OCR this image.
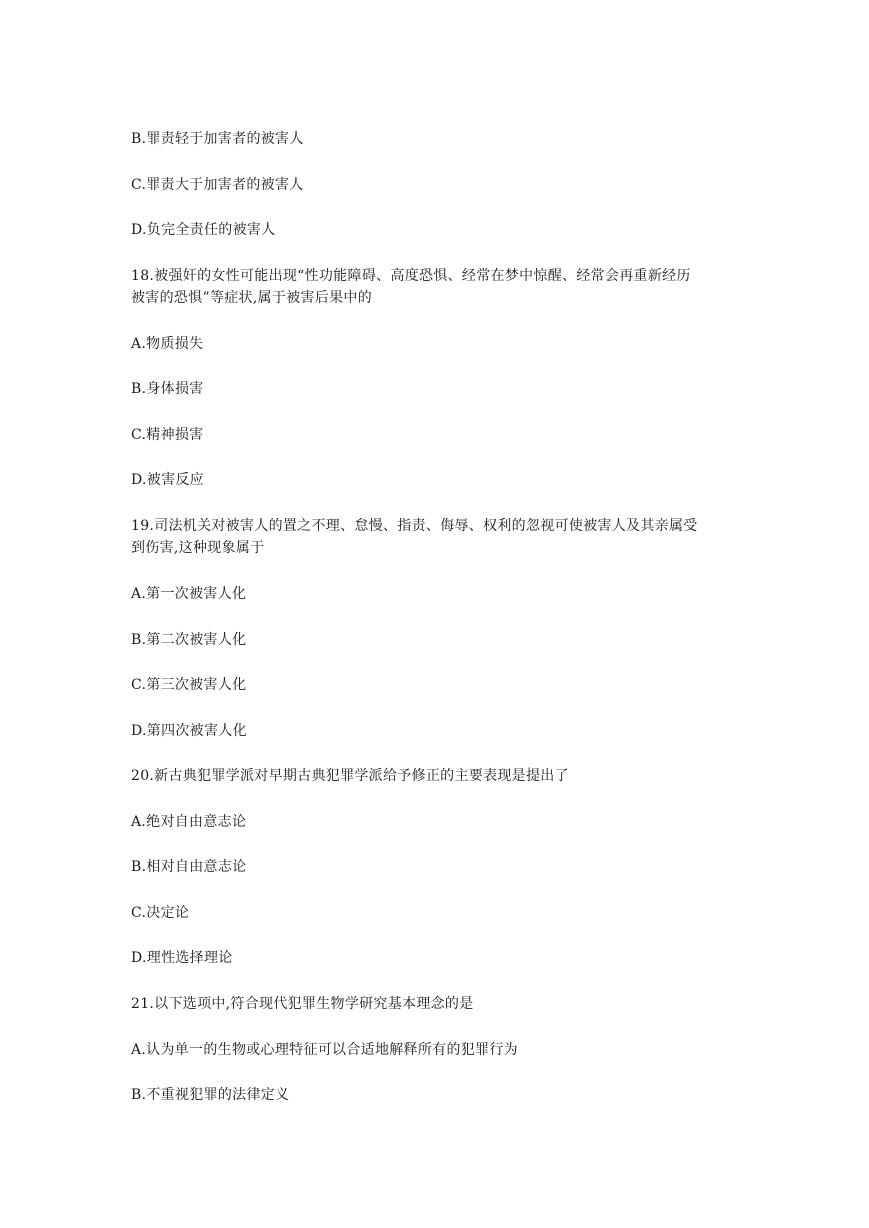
B.罪责轻于加害者的被害人
C.罪责大于加害者的被害人
D.负完全责任的被害人
18.被强奸的女性可能出现“性功能障碍、高度恐惧、经常在梦中惊醒、经常会再重新经历
被害的恐惧”等症状,属于被害后果中的
A.物质损失
B.身体损害
C.精神损害
D.被害反应
19.司法机关对被害人的置之不理、怠慢、指责、侮辱、权利的忽视可使被害人及其亲属受
到伤害,这种现象属于
A.第一次被害人化
B.第二次被害人化
C.第三次被害人化
D.第四次被害人化
20.新古典犯罪学派对早期古典犯罪学派给予修正的主要表现是提出了
A.绝对自由意志论
B.相对自由意志论
C.决定论
D.理性选择理论
21.以下选项中,符合现代犯罪生物学研究基本理念的是
A.认为单一的生物或心理特征可以合适地解释所有的犯罪行为
B.不重视犯罪的法律定义
